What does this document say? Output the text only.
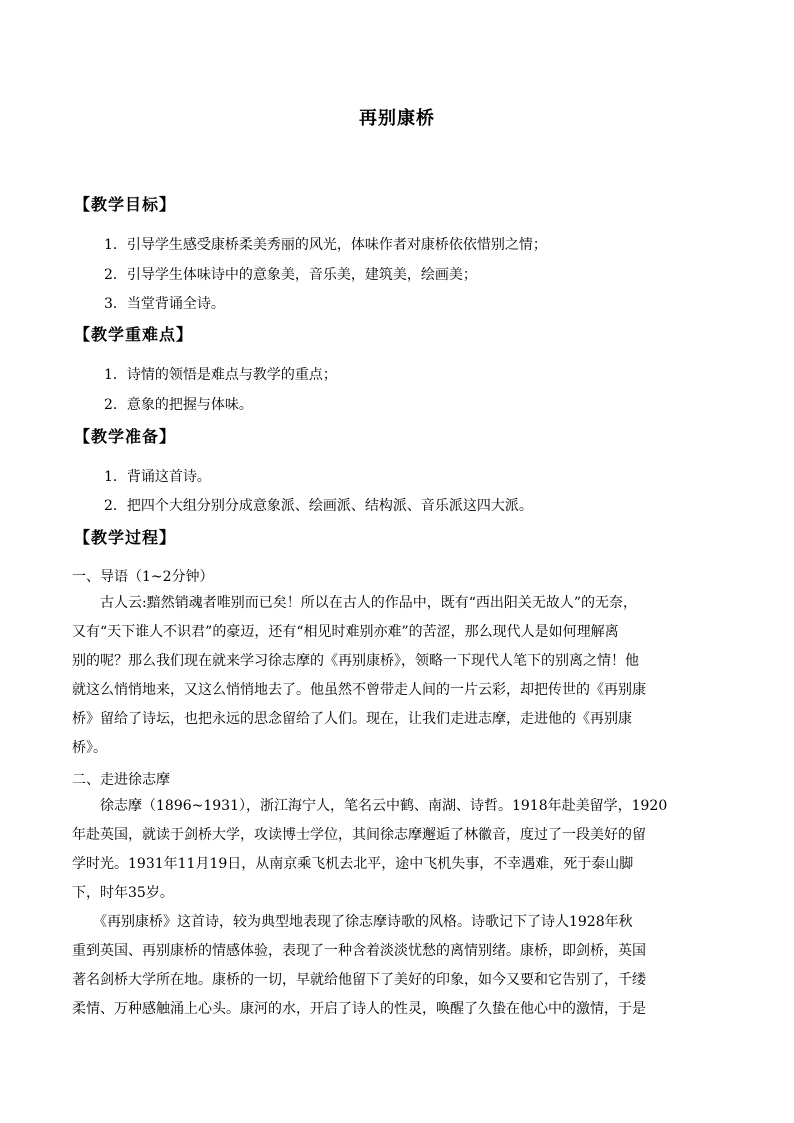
再别康桥
【教学目标】
1．引导学生感受康桥柔美秀丽的风光，体味作者对康桥依依惜别之情；
2．引导学生体味诗中的意象美，音乐美，建筑美，绘画美；
3．当堂背诵全诗。
【教学重难点】
1．诗情的领悟是难点与教学的重点；
2．意象的把握与体味。
【教学准备】
1．背诵这首诗。
2．把四个大组分别分成意象派、绘画派、结构派、音乐派这四大派。
【教学过程】
一、导语（1~2分钟）
　　古人云:黯然销魂者唯别而已矣！所以在古人的作品中，既有“西出阳关无故人”的无奈，
又有“天下谁人不识君”的豪迈，还有“相见时难别亦难”的苦涩，那么现代人是如何理解离
别的呢？那么我们现在就来学习徐志摩的《再别康桥》，领略一下现代人笔下的别离之情！他
就这么悄悄地来，又这么悄悄地去了。他虽然不曾带走人间的一片云彩，却把传世的《再别康
桥》留给了诗坛，也把永远的思念留给了人们。现在，让我们走进志摩，走进他的《再别康
桥》。
二、走进徐志摩
　　徐志摩（1896~1931），浙江海宁人，笔名云中鹤、南湖、诗哲。1918年赴美留学，1920
年赴英国，就读于剑桥大学，攻读博士学位，其间徐志摩邂逅了林徽音，度过了一段美好的留
学时光。1931年11月19日，从南京乘飞机去北平，途中飞机失事，不幸遇难，死于泰山脚
下，时年35岁。
　　《再别康桥》这首诗，较为典型地表现了徐志摩诗歌的风格。诗歌记下了诗人1928年秋
重到英国、再别康桥的情感体验，表现了一种含着淡淡忧愁的离情别绪。康桥，即剑桥，英国
著名剑桥大学所在地。康桥的一切，早就给他留下了美好的印象，如今又要和它告别了，千缕
柔情、万种感触涌上心头。康河的水，开启了诗人的性灵，唤醒了久蛰在他心中的激情，于是
